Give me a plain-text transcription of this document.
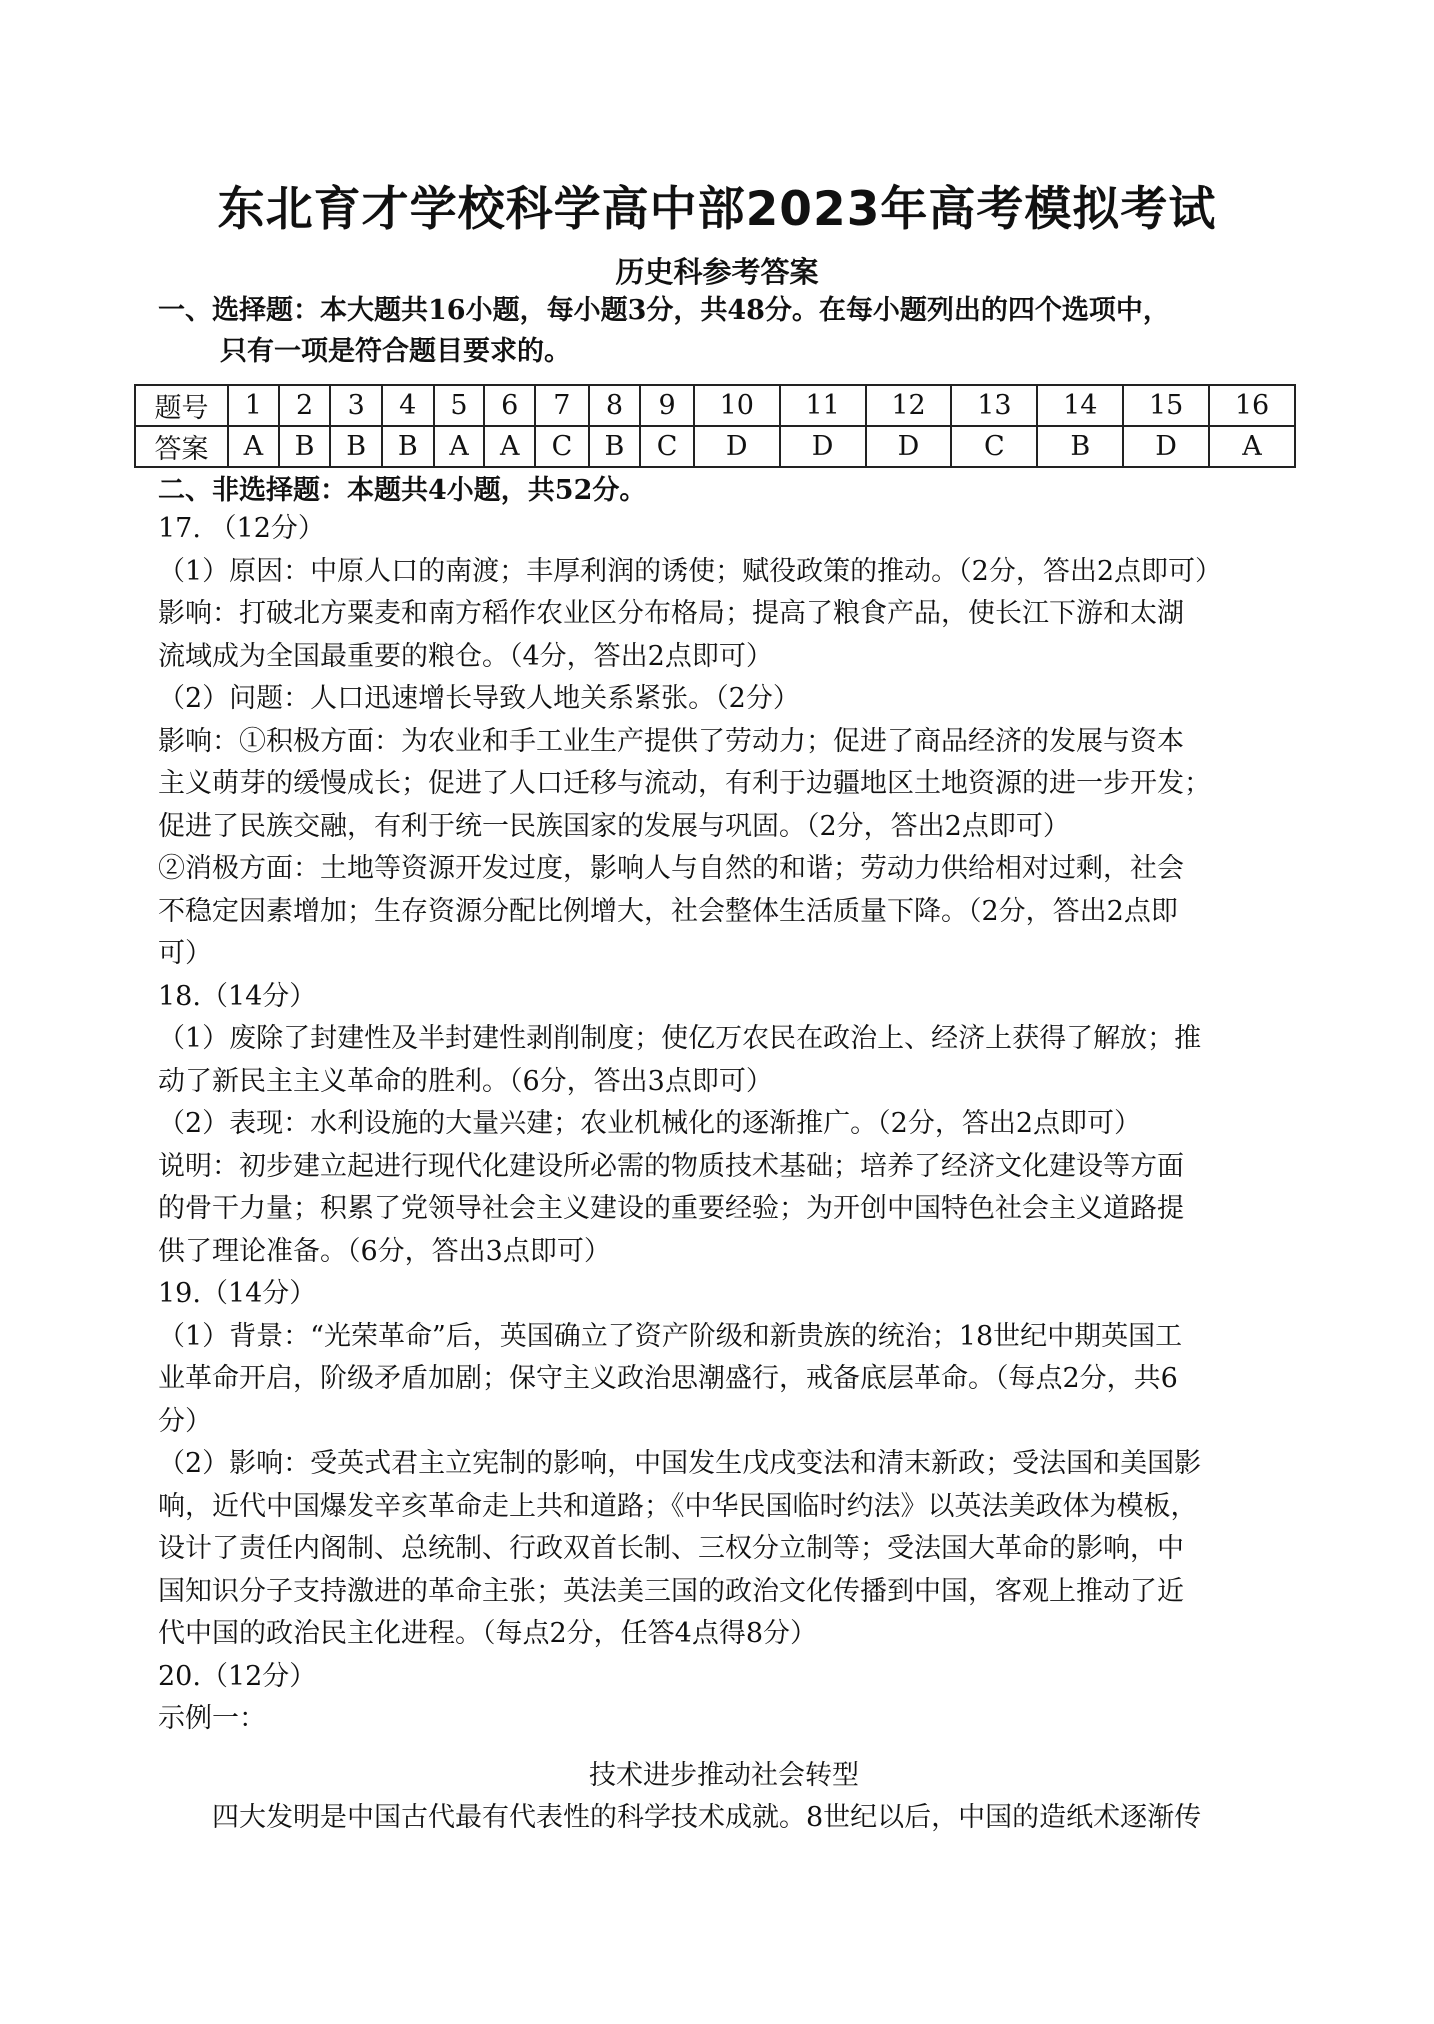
东北育才学校科学高中部2023年高考模拟考试
历史科参考答案
一、选择题：本大题共16小题，每小题3分，共48分。在每小题列出的四个选项中，
只有一项是符合题目要求的。
题号	1	2	3	4	5	6	7	8	9	10	11	12	13	14	15	16
答案	A	B	B	B	A	A	C	B	C	D	D	D	C	B	D	A
二、非选择题：本题共4小题，共52分。

17. （12分）

（1）原因：中原人口的南渡；丰厚利润的诱使；赋役政策的推动。（2分，答出2点即可）

影响：打破北方粟麦和南方稻作农业区分布格局；提高了粮食产品，使长江下游和太湖

流域成为全国最重要的粮仓。（4分，答出2点即可）

（2）问题：人口迅速增长导致人地关系紧张。（2分）

影响：①积极方面：为农业和手工业生产提供了劳动力；促进了商品经济的发展与资本

主义萌芽的缓慢成长；促进了人口迁移与流动，有利于边疆地区土地资源的进一步开发；

促进了民族交融，有利于统一民族国家的发展与巩固。（2分，答出2点即可）

②消极方面：土地等资源开发过度，影响人与自然的和谐；劳动力供给相对过剩，社会

不稳定因素增加；生存资源分配比例增大，社会整体生活质量下降。（2分，答出2点即

可）

18.（14分）

（1）废除了封建性及半封建性剥削制度；使亿万农民在政治上、经济上获得了解放；推

动了新民主主义革命的胜利。（6分，答出3点即可）

（2）表现：水利设施的大量兴建；农业机械化的逐渐推广。（2分，答出2点即可）

说明：初步建立起进行现代化建设所必需的物质技术基础；培养了经济文化建设等方面

的骨干力量；积累了党领导社会主义建设的重要经验；为开创中国特色社会主义道路提

供了理论准备。（6分，答出3点即可）

19.（14分）

（1）背景：“光荣革命”后，英国确立了资产阶级和新贵族的统治；18世纪中期英国工

业革命开启，阶级矛盾加剧；保守主义政治思潮盛行，戒备底层革命。（每点2分，共6

分）

（2）影响：受英式君主立宪制的影响，中国发生戊戌变法和清末新政；受法国和美国影

响，近代中国爆发辛亥革命走上共和道路；《中华民国临时约法》以英法美政体为模板，

设计了责任内阁制、总统制、行政双首长制、三权分立制等；受法国大革命的影响，中

国知识分子支持激进的革命主张；英法美三国的政治文化传播到中国，客观上推动了近

代中国的政治民主化进程。（每点2分，任答4点得8分）

20.（12分）

示例一：

技术进步推动社会转型

四大发明是中国古代最有代表性的科学技术成就。8世纪以后，中国的造纸术逐渐传
